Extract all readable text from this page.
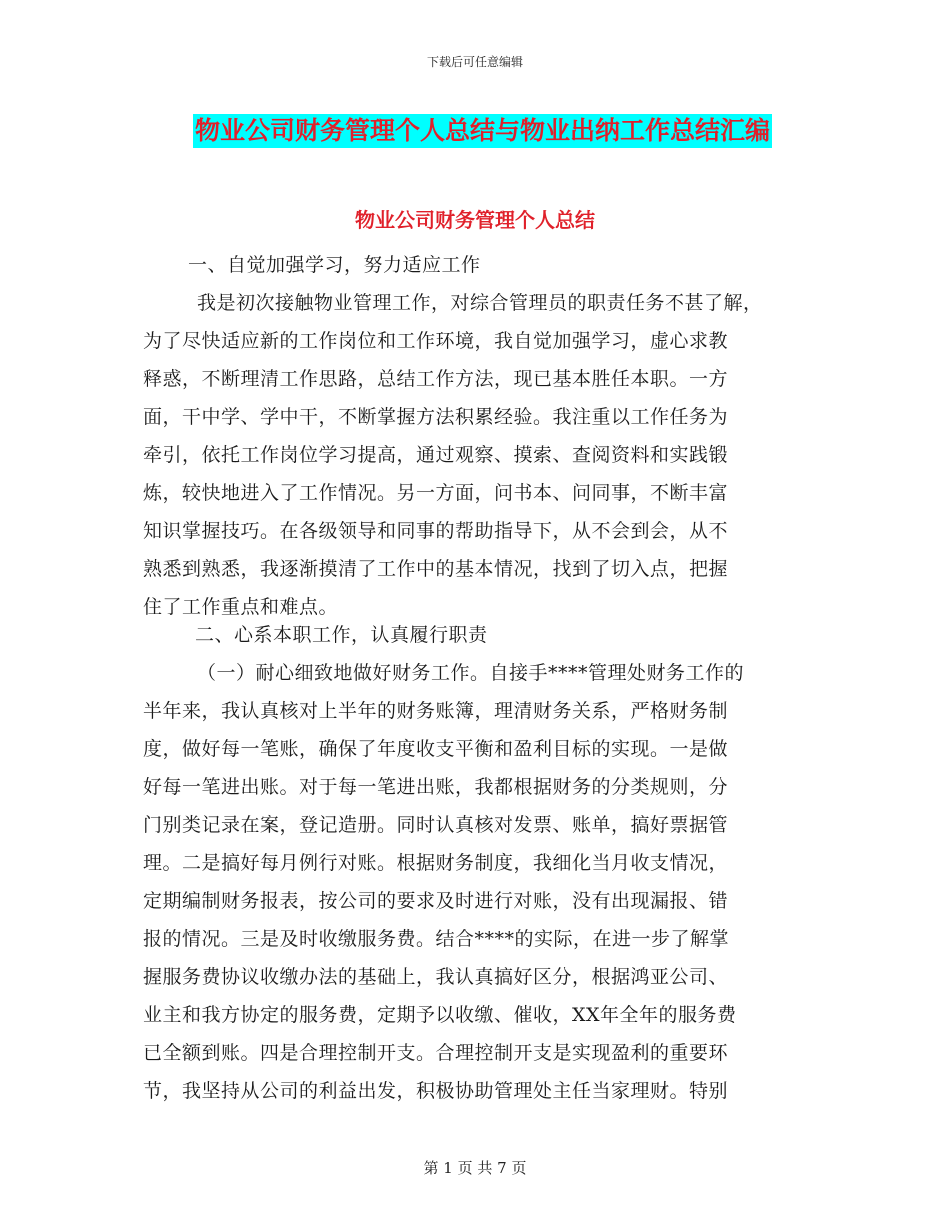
下载后可任意编辑
物业公司财务管理个人总结与物业出纳工作总结汇编
物业公司财务管理个人总结
一、自觉加强学习，努力适应工作
我是初次接触物业管理工作，对综合管理员的职责任务不甚了解，
为了尽快适应新的工作岗位和工作环境，我自觉加强学习，虚心求教
释惑，不断理清工作思路，总结工作方法，现已基本胜任本职。一方
面，干中学、学中干，不断掌握方法积累经验。我注重以工作任务为
牵引，依托工作岗位学习提高，通过观察、摸索、查阅资料和实践锻
炼，较快地进入了工作情况。另一方面，问书本、问同事，不断丰富
知识掌握技巧。在各级领导和同事的帮助指导下，从不会到会，从不
熟悉到熟悉，我逐渐摸清了工作中的基本情况，找到了切入点，把握
住了工作重点和难点。
二、心系本职工作，认真履行职责
（一）耐心细致地做好财务工作。自接手****管理处财务工作的
半年来，我认真核对上半年的财务账簿，理清财务关系，严格财务制
度，做好每一笔账，确保了年度收支平衡和盈利目标的实现。一是做
好每一笔进出账。对于每一笔进出账，我都根据财务的分类规则，分
门别类记录在案，登记造册。同时认真核对发票、账单，搞好票据管
理。二是搞好每月例行对账。根据财务制度，我细化当月收支情况，
定期编制财务报表，按公司的要求及时进行对账，没有出现漏报、错
报的情况。三是及时收缴服务费。结合****的实际，在进一步了解掌
握服务费协议收缴办法的基础上，我认真搞好区分，根据鸿亚公司、
业主和我方协定的服务费，定期予以收缴、催收，XX年全年的服务费
已全额到账。四是合理控制开支。合理控制开支是实现盈利的重要环
节，我坚持从公司的利益出发，积极协助管理处主任当家理财。特别
第 1 页 共 7 页
